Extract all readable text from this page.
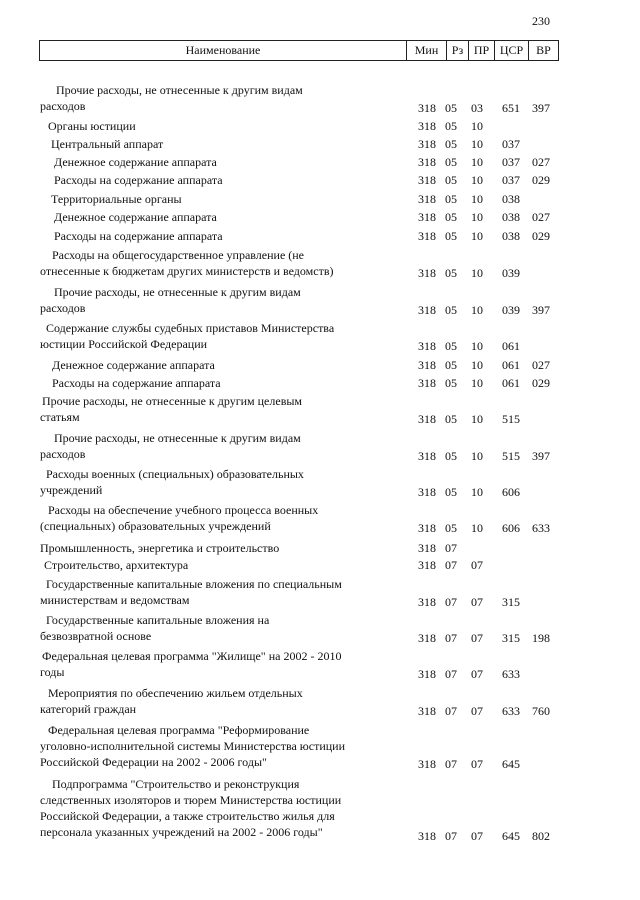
230
Наименование	Мин	Рз ПР ЦСР	ВР
Прочие расходы, не отнесенные к другим видам
расходов	318 05 03 651 397
Органы юстиции	318 05 10
Центральный аппарат	318 05 10 037
Денежное содержание аппарата	318 05 10 037 027
Расходы на содержание аппарата	318 05 10 037 029
Территориальные органы	318 05 10 038
Денежное содержание аппарата	318 05 10 038 027
Расходы на содержание аппарата	318 05 10 038 029
Расходы на общегосударственное управление (не
отнесенные к бюджетам других министерств и ведомств)	318 05 10 039
Прочие расходы, не отнесенные к другим видам
расходов	318 05 10 039 397
Содержание службы судебных приставов Министерства
юстиции Российской Федерации	318 05 10 061
Денежное содержание аппарата	318 05 10 061 027
Расходы на содержание аппарата	318 05 10 061 029
Прочие расходы, не отнесенные к другим целевым
статьям	318 05 10 515
Прочие расходы, не отнесенные к другим видам
расходов	318 05 10 515 397
Расходы военных (специальных) образовательных
учреждений	318 05 10 606
Расходы на обеспечение учебного процесса военных
(специальных) образовательных учреждений	318 05 10 606 633
Промышленность, энергетика и строительство	318 07
Строительство, архитектура	318 07 07
Государственные капитальные вложения по специальным
министерствам и ведомствам	318 07 07 315
Государственные капитальные вложения на
безвозвратной основе	318 07 07 315 198
Федеральная целевая программа "Жилище" на 2002 - 2010
годы	318 07 07 633
Мероприятия по обеспечению жильем отдельных
категорий граждан	318 07 07 633 760
Федеральная целевая программа "Реформирование
уголовно-исполнительной системы Министерства юстиции
Российской Федерации на 2002 - 2006 годы"	318 07 07 645
Подпрограмма "Строительство и реконструкция
следственных изоляторов и тюрем Министерства юстиции
Российской Федерации, а также строительство жилья для
персонала указанных учреждений на 2002 - 2006 годы"	318 07 07 645 802
